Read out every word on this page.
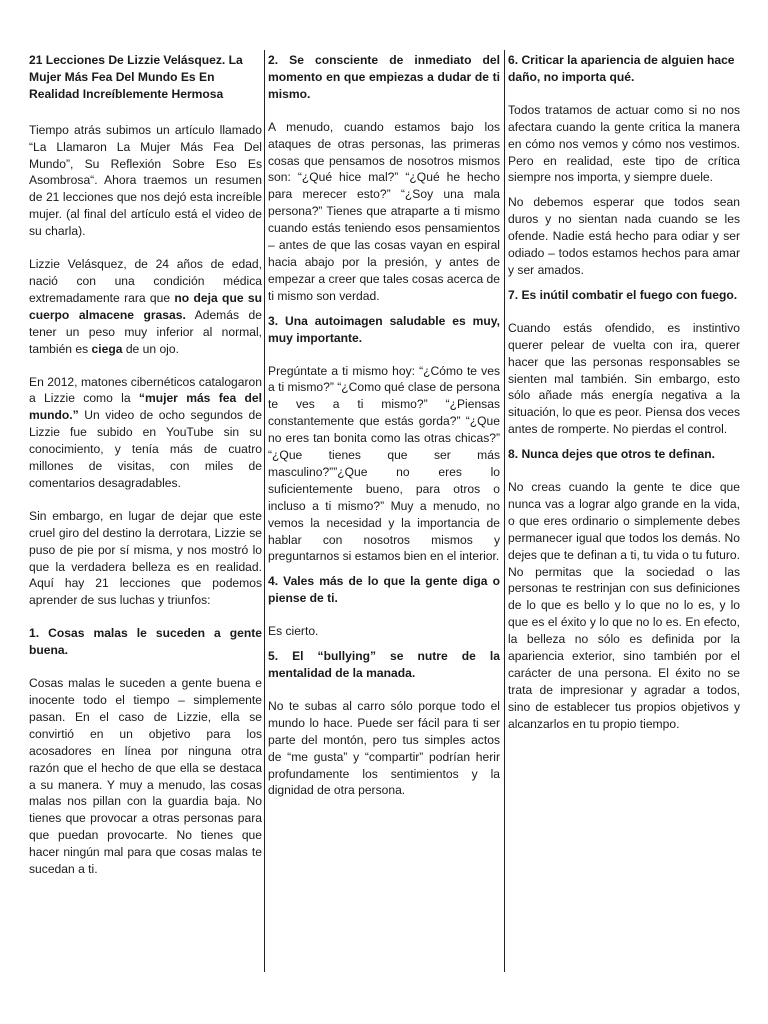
21 Lecciones De Lizzie Velásquez. La Mujer Más Fea Del Mundo Es En Realidad Increíblemente Hermosa

Tiempo atrás subimos un artículo llamado “La Llamaron La Mujer Más Fea Del Mundo”, Su Reflexión Sobre Eso Es Asombrosa“. Ahora traemos un resumen de 21 lecciones que nos dejó esta increíble mujer. (al final del artículo está el video de su charla).

Lizzie Velásquez, de 24 años de edad, nació con una condición médica extremadamente rara que no deja que su cuerpo almacene grasas. Además de tener un peso muy inferior al normal, también es ciega de un ojo.

En 2012, matones cibernéticos catalogaron a Lizzie como la “mujer más fea del mundo.” Un video de ocho segundos de Lizzie fue subido en YouTube sin su conocimiento, y tenía más de cuatro millones de visitas, con miles de comentarios desagradables.

Sin embargo, en lugar de dejar que este cruel giro del destino la derrotara, Lizzie se puso de pie por sí misma, y nos mostró lo que la verdadera belleza es en realidad. Aquí hay 21 lecciones que podemos aprender de sus luchas y triunfos:

1. Cosas malas le suceden a gente buena.

Cosas malas le suceden a gente buena e inocente todo el tiempo – simplemente pasan. En el caso de Lizzie, ella se convirtió en un objetivo para los acosadores en línea por ninguna otra razón que el hecho de que ella se destaca a su manera. Y muy a menudo, las cosas malas nos pillan con la guardia baja. No tienes que provocar a otras personas para que puedan provocarte. No tienes que hacer ningún mal para que cosas malas te sucedan a ti.

2. Se consciente de inmediato del momento en que empiezas a dudar de ti mismo.

A menudo, cuando estamos bajo los ataques de otras personas, las primeras cosas que pensamos de nosotros mismos son: “¿Qué hice mal?” “¿Qué he hecho para merecer esto?” “¿Soy una mala persona?” Tienes que atraparte a ti mismo cuando estás teniendo esos pensamientos – antes de que las cosas vayan en espiral hacia abajo por la presión, y antes de empezar a creer que tales cosas acerca de ti mismo son verdad.

3. Una autoimagen saludable es muy, muy importante.

Pregúntate a ti mismo hoy: “¿Cómo te ves a ti mismo?” “¿Como qué clase de persona te ves a ti mismo?” “¿Piensas constantemente que estás gorda?” “¿Que no eres tan bonita como las otras chicas?” “¿Que tienes que ser más masculino?””¿Que no eres lo suficientemente bueno, para otros o incluso a ti mismo?” Muy a menudo, no vemos la necesidad y la importancia de hablar con nosotros mismos y preguntarnos si estamos bien en el interior.

4. Vales más de lo que la gente diga o piense de ti.

Es cierto.

5. El “bullying” se nutre de la mentalidad de la manada.

No te subas al carro sólo porque todo el mundo lo hace. Puede ser fácil para ti ser parte del montón, pero tus simples actos de “me gusta” y “compartir” podrían herir profundamente los sentimientos y la dignidad de otra persona.

6. Criticar la apariencia de alguien hace daño, no importa qué.

Todos tratamos de actuar como si no nos afectara cuando la gente critica la manera en cómo nos vemos y cómo nos vestimos. Pero en realidad, este tipo de crítica siempre nos importa, y siempre duele.

No debemos esperar que todos sean duros y no sientan nada cuando se les ofende. Nadie está hecho para odiar y ser odiado – todos estamos hechos para amar y ser amados.

7. Es inútil combatir el fuego con fuego.

Cuando estás ofendido, es instintivo querer pelear de vuelta con ira, querer hacer que las personas responsables se sienten mal también. Sin embargo, esto sólo añade más energía negativa a la situación, lo que es peor. Piensa dos veces antes de romperte. No pierdas el control.

8. Nunca dejes que otros te definan.

No creas cuando la gente te dice que nunca vas a lograr algo grande en la vida, o que eres ordinario o simplemente debes permanecer igual que todos los demás. No dejes que te definan a ti, tu vida o tu futuro. No permitas que la sociedad o las personas te restrinjan con sus definiciones de lo que es bello y lo que no lo es, y lo que es el éxito y lo que no lo es. En efecto, la belleza no sólo es definida por la apariencia exterior, sino también por el carácter de una persona. El éxito no se trata de impresionar y agradar a todos, sino de establecer tus propios objetivos y alcanzarlos en tu propio tiempo.
